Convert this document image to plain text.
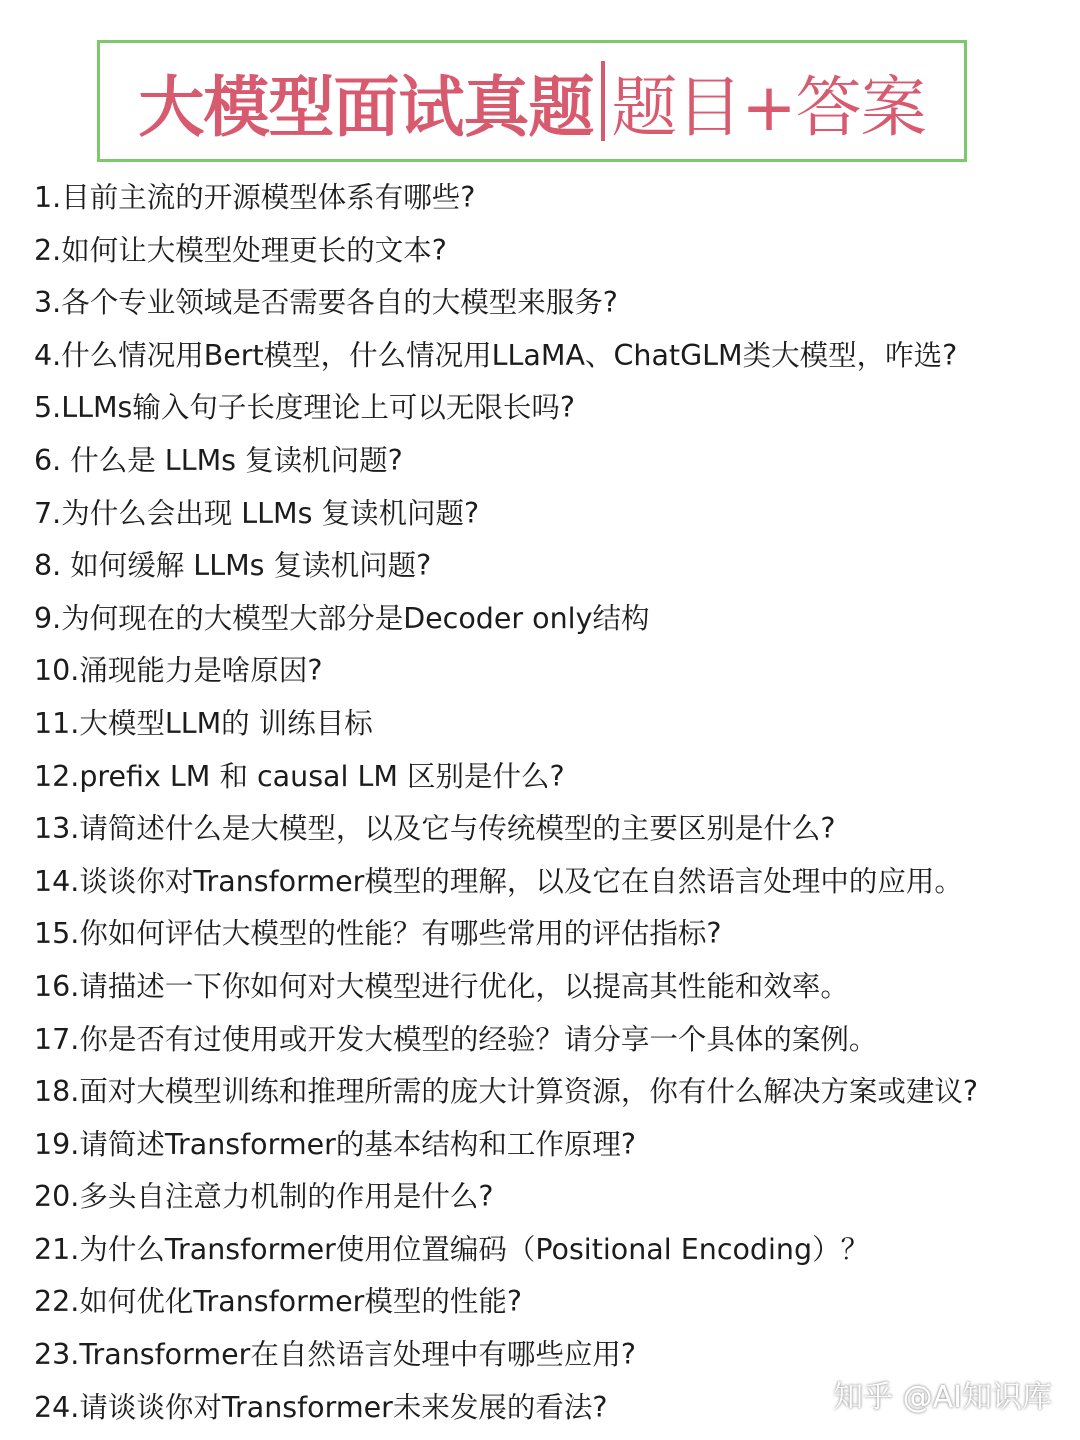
大模型面试真题 题目+答案
1.目前主流的开源模型体系有哪些?
2.如何让大模型处理更长的文本?
3.各个专业领域是否需要各自的大模型来服务?
4.什么情况用Bert模型，什么情况用LLaMA、ChatGLM类大模型，咋选?
5.LLMs输入句子长度理论上可以无限长吗?
6. 什么是 LLMs 复读机问题?
7.为什么会出现 LLMs 复读机问题?
8. 如何缓解 LLMs 复读机问题?
9.为何现在的大模型大部分是Decoder only结构
10.涌现能力是啥原因?
11.大模型LLM的 训练目标
12.prefix LM 和 causal LM 区别是什么?
13.请简述什么是大模型，以及它与传统模型的主要区别是什么?
14.谈谈你对Transformer模型的理解，以及它在自然语言处理中的应用。
15.你如何评估大模型的性能？有哪些常用的评估指标?
16.请描述一下你如何对大模型进行优化，以提高其性能和效率。
17.你是否有过使用或开发大模型的经验？请分享一个具体的案例。
18.面对大模型训练和推理所需的庞大计算资源，你有什么解决方案或建议?
19.请简述Transformer的基本结构和工作原理?
20.多头自注意力机制的作用是什么?
21.为什么Transformer使用位置编码（Positional Encoding）？
22.如何优化Transformer模型的性能?
23.Transformer在自然语言处理中有哪些应用?
24.请谈谈你对Transformer未来发展的看法?	知乎 @AI知识库
